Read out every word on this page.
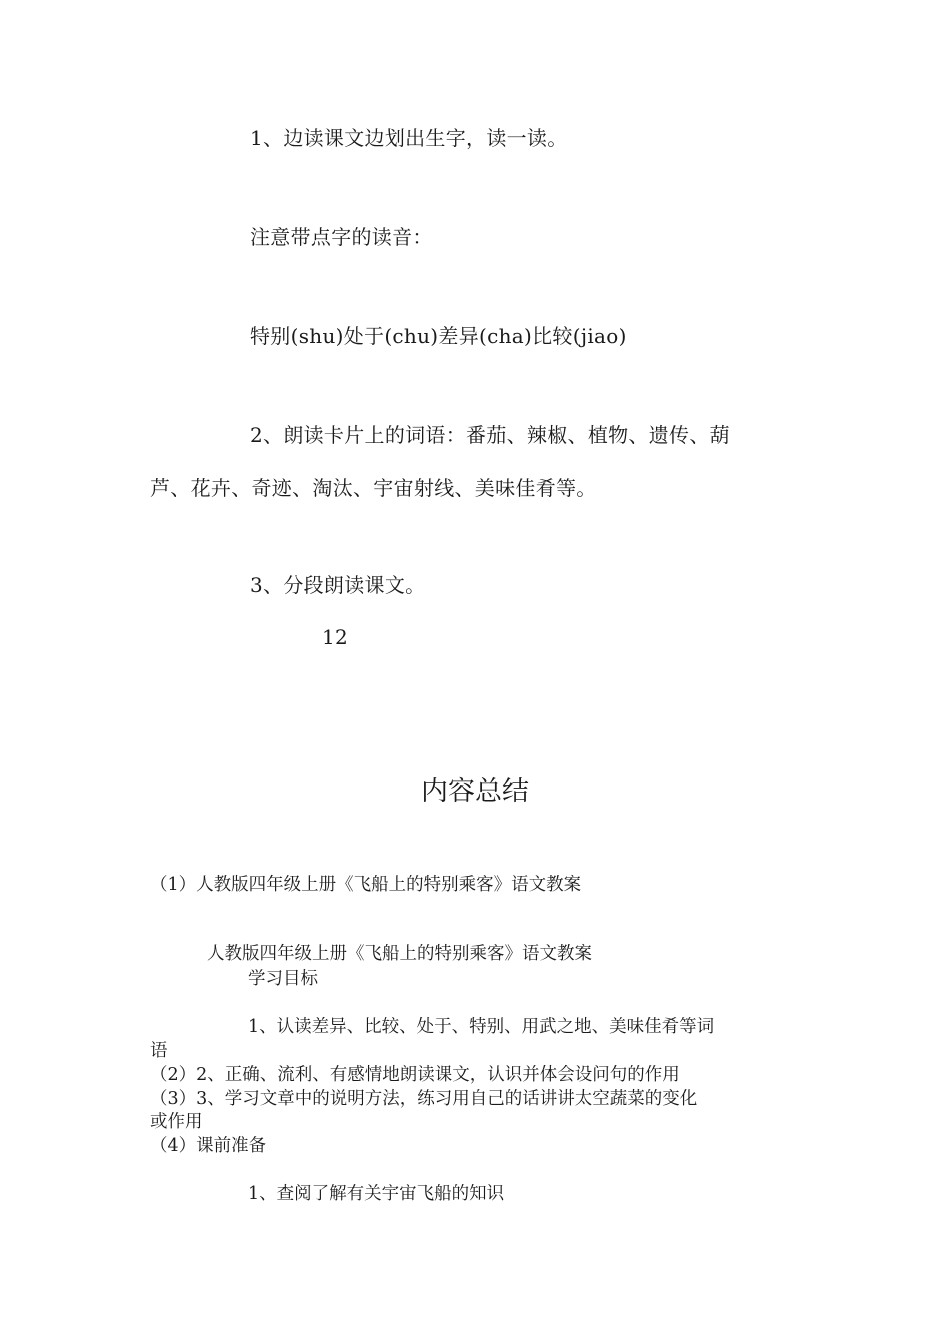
1、边读课文边划出生字，读一读。
注意带点字的读音：
特别(shu)处于(chu)差异(cha)比较(jiao)
2、朗读卡片上的词语：番茄、辣椒、植物、遗传、葫
芦、花卉、奇迹、淘汰、宇宙射线、美味佳肴等。
3、分段朗读课文。
12
内容总结
（1）人教版四年级上册《飞船上的特别乘客》语文教案
人教版四年级上册《飞船上的特别乘客》语文教案
学习目标
1、认读差异、比较、处于、特别、用武之地、美味佳肴等词
语
（2）2、正确、流利、有感情地朗读课文，认识并体会设问句的作用
（3）3、学习文章中的说明方法，练习用自己的话讲讲太空蔬菜的变化
或作用
（4）课前准备
1、查阅了解有关宇宙飞船的知识
